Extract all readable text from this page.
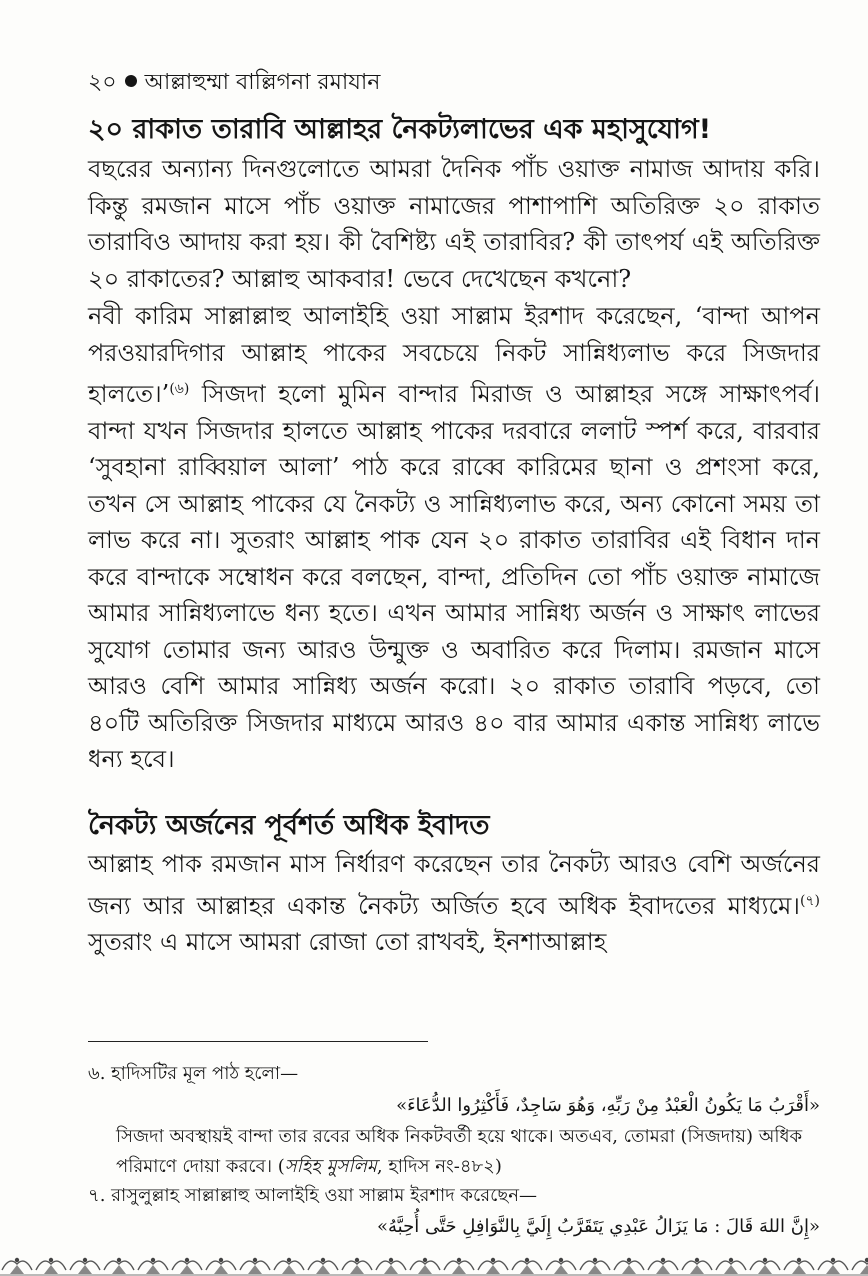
২০ আল্লাহুম্মা বাল্লিগনা রমাযান
২০ রাকাত তারাবি আল্লাহর নৈকট্যলাভের এক মহাসুযোগ!

বছরের অন্যান্য দিনগুলোতে আমরা দৈনিক পাঁচ ওয়াক্ত নামাজ আদায় করি। কিন্তু রমজান মাসে পাঁচ ওয়াক্ত নামাজের পাশাপাশি অতিরিক্ত ২০ রাকাত তারাবিও আদায় করা হয়। কী বৈশিষ্ট্য এই তারাবির? কী তাৎপর্য এই অতিরিক্ত ২০ রাকাতের? আল্লাহু আকবার! ভেবে দেখেছেন কখনো?

নবী কারিম সাল্লাল্লাহু আলাইহি ওয়া সাল্লাম ইরশাদ করেছেন, ‘বান্দা আপন পরওয়ারদিগার আল্লাহ পাকের সবচেয়ে নিকট সান্নিধ্যলাভ করে সিজদার হালতে।’$^{(৬)}$ সিজদা হলো মুমিন বান্দার মিরাজ ও আল্লাহর সঙ্গে সাক্ষাৎপর্ব। বান্দা যখন সিজদার হালতে আল্লাহ পাকের দরবারে ললাট স্পর্শ করে, বারবার ‘সুবহানা রাব্বিয়াল আলা’ পাঠ করে রাব্বে কারিমের ছানা ও প্রশংসা করে, তখন সে আল্লাহ পাকের যে নৈকট্য ও সান্নিধ্যলাভ করে, অন্য কোনো সময় তা লাভ করে না। সুতরাং আল্লাহ পাক যেন ২০ রাকাত তারাবির এই বিধান দান করে বান্দাকে সম্বোধন করে বলছেন, বান্দা, প্রতিদিন তো পাঁচ ওয়াক্ত নামাজে আমার সান্নিধ্যলাভে ধন্য হতে। এখন আমার সান্নিধ্য অর্জন ও সাক্ষাৎ লাভের সুযোগ তোমার জন্য আরও উন্মুক্ত ও অবারিত করে দিলাম। রমজান মাসে আরও বেশি আমার সান্নিধ্য অর্জন করো। ২০ রাকাত তারাবি পড়বে, তো ৪০টি অতিরিক্ত সিজদার মাধ্যমে আরও ৪০ বার আমার একান্ত সান্নিধ্য লাভে ধন্য হবে।

নৈকট্য অর্জনের পূর্বশর্ত অধিক ইবাদত

আল্লাহ পাক রমজান মাস নির্ধারণ করেছেন তার নৈকট্য আরও বেশি অর্জনের জন্য আর আল্লাহর একান্ত নৈকট্য অর্জিত হবে অধিক ইবাদতের মাধ্যমে।$^{(৭)}$ সুতরাং এ মাসে আমরা রোজা তো রাখবই, ইনশাআল্লাহ

৬. হাদিসটির মূল পাঠ হলো—
«أَقْرَبُ مَا يَكُونُ الْعَبْدُ مِنْ رَبِّهِ، وَهُوَ سَاجِدٌ، فَأَكْثِرُوا الدُّعَاءَ»
সিজদা অবস্থায়ই বান্দা তার রবের অধিক নিকটবর্তী হয়ে থাকে। অতএব, তোমরা (সিজদায়) অধিক পরিমাণে দোয়া করবে। (সহিহ মুসলিম, হাদিস নং-৪৮২)
৭. রাসুলুল্লাহ সাল্লাল্লাহু আলাইহি ওয়া সাল্লাম ইরশাদ করেছেন—
«إِنَّ اللهَ قَالَ : مَا يَزَالُ عَبْدِي يَتَقَرَّبُ إِلَيَّ بِالنَّوَافِلِ حَتَّى أُحِبَّهُ»
